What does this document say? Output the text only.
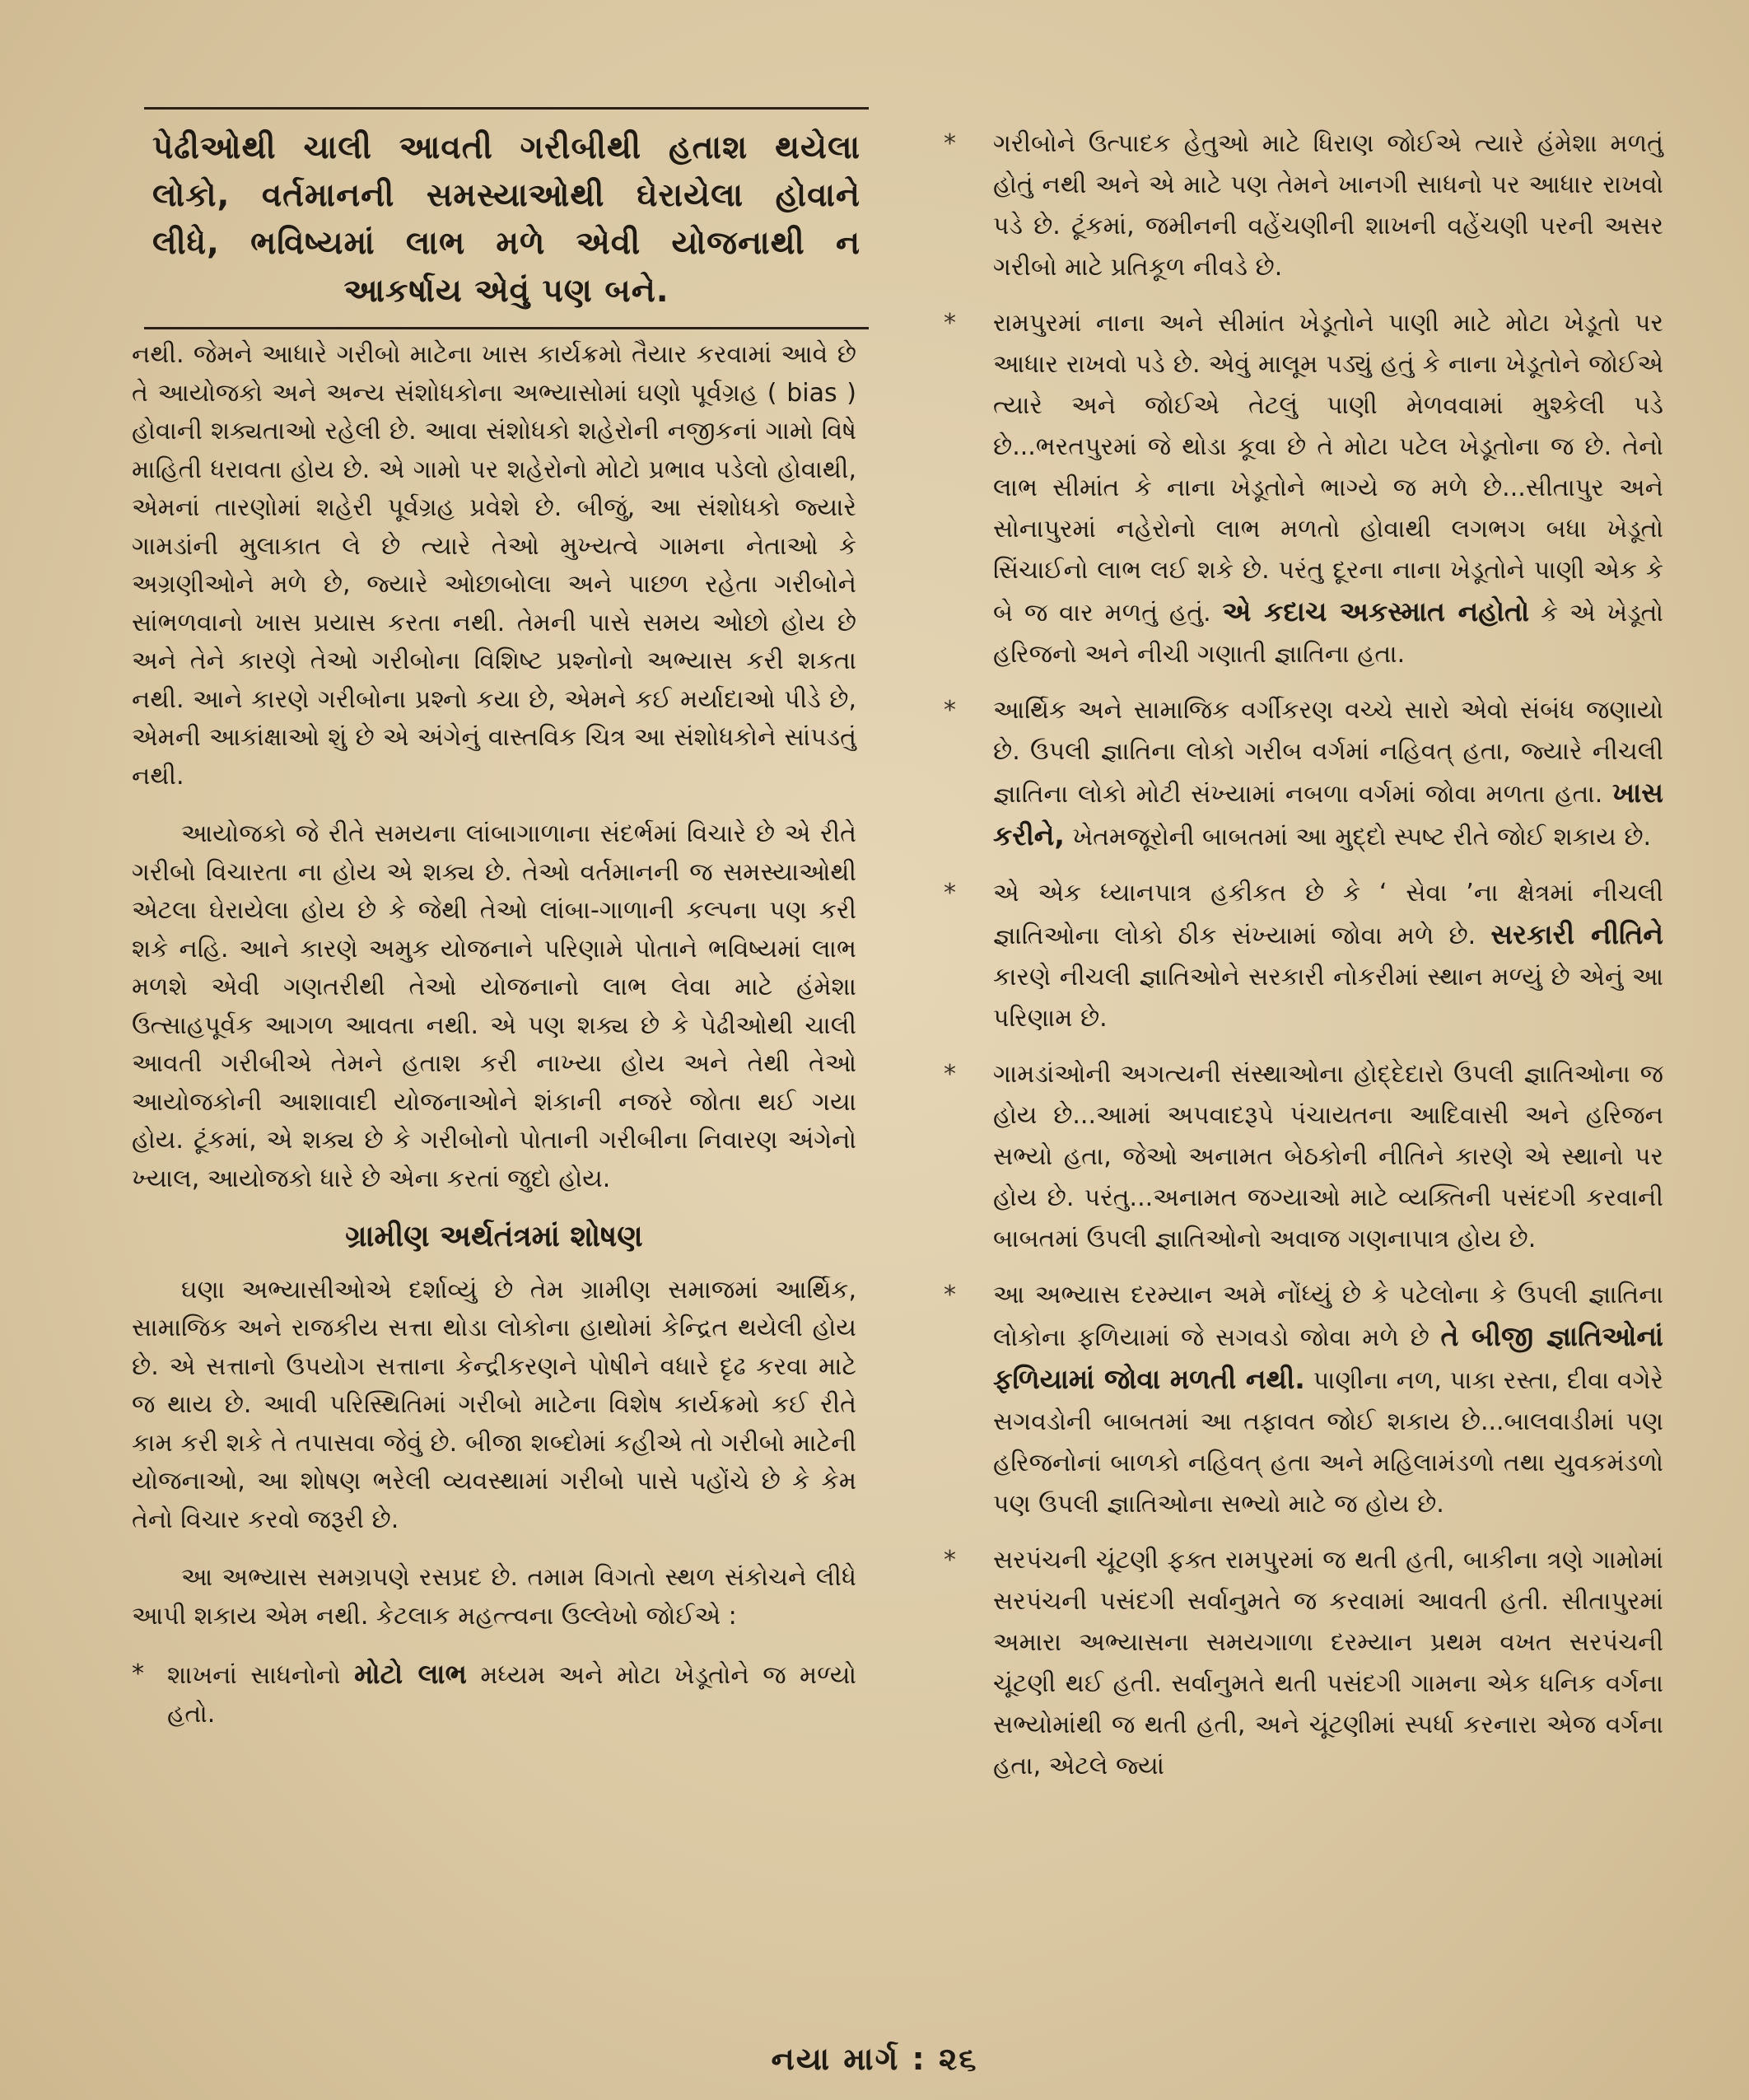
પેઢીઓથી ચાલી આવતી ગરીબીથી હતાશ થયેલા લોકો, વર્તમાનની સમસ્યાઓથી ઘેરાયેલા હોવાને લીધે, ભવિષ્યમાં લાભ મળે એવી યોજનાથી ન આકર્ષાય એવું પણ બને.

નથી. જેમને આધારે ગરીબો માટેના ખાસ કાર્યક્રમો તૈયાર કરવામાં આવે છે તે આયોજકો અને અન્ય સંશોધકોના અભ્યાસોમાં ઘણો પૂર્વગ્રહ ( bias ) હોવાની શક્યતાઓ રહેલી છે. આવા સંશોધકો શહેરોની નજીકનાં ગામો વિષે માહિતી ધરાવતા હોય છે. એ ગામો પર શહેરોનો મોટો પ્રભાવ પડેલો હોવાથી, એમનાં તારણોમાં શહેરી પૂર્વગ્રહ પ્રવેશે છે. બીજું, આ સંશોધકો જ્યારે ગામડાંની મુલાકાત લે છે ત્યારે તેઓ મુખ્યત્વે ગામના નેતાઓ કે અગ્રણીઓને મળે છે, જ્યારે ઓછાબોલા અને પાછળ રહેતા ગરીબોને સાંભળવાનો ખાસ પ્રયાસ કરતા નથી. તેમની પાસે સમય ઓછો હોય છે અને તેને કારણે તેઓ ગરીબોના વિશિષ્ટ પ્રશ્નોનો અભ્યાસ કરી શકતા નથી. આને કારણે ગરીબોના પ્રશ્નો કયા છે, એમને કઈ મર્યાદાઓ પીડે છે, એમની આકાંક્ષાઓ શું છે એ અંગેનું વાસ્તવિક ચિત્ર આ સંશોધકોને સાંપડતું નથી.

આયોજકો જે રીતે સમયના લાંબાગાળાના સંદર્ભમાં વિચારે છે એ રીતે ગરીબો વિચારતા ના હોય એ શક્ય છે. તેઓ વર્તમાનની જ સમસ્યાઓથી એટલા ઘેરાયેલા હોય છે કે જેથી તેઓ લાંબા-ગાળાની કલ્પના પણ કરી શકે નહિ. આને કારણે અમુક યોજનાને પરિણામે પોતાને ભવિષ્યમાં લાભ મળશે એવી ગણતરીથી તેઓ યોજનાનો લાભ લેવા માટે હંમેશા ઉત્સાહપૂર્વક આગળ આવતા નથી. એ પણ શક્ય છે કે પેઢીઓથી ચાલી આવતી ગરીબીએ તેમને હતાશ કરી નાખ્યા હોય અને તેથી તેઓ આયોજકોની આશાવાદી યોજનાઓને શંકાની નજરે જોતા થઈ ગયા હોય. ટૂંકમાં, એ શક્ય છે કે ગરીબોનો પોતાની ગરીબીના નિવારણ અંગેનો ખ્યાલ, આયોજકો ધારે છે એના કરતાં જુદો હોય.

ગ્રામીણ અર્થતંત્રમાં શોષણ

ઘણા અભ્યાસીઓએ દર્શાવ્યું છે તેમ ગ્રામીણ સમાજમાં આર્થિક, સામાજિક અને રાજકીય સત્તા થોડા લોકોના હાથોમાં કેન્દ્રિત થયેલી હોય છે. એ સત્તાનો ઉપયોગ સત્તાના કેન્દ્રીકરણને પોષીને વધારે દૃઢ કરવા માટે જ થાય છે. આવી પરિસ્થિતિમાં ગરીબો માટેના વિશેષ કાર્યક્રમો કઈ રીતે કામ કરી શકે તે તપાસવા જેવું છે. બીજા શબ્દોમાં કહીએ તો ગરીબો માટેની યોજનાઓ, આ શોષણ ભરેલી વ્યવસ્થામાં ગરીબો પાસે પહોંચે છે કે કેમ તેનો વિચાર કરવો જરૂરી છે.

આ અભ્યાસ સમગ્રપણે રસપ્રદ છે. તમામ વિગતો સ્થળ સંકોચને લીધે આપી શકાય એમ નથી. કેટલાક મહત્ત્વના ઉલ્લેખો જોઈએ :

* શાખનાં સાધનોનો મોટો લાભ મધ્યમ અને મોટા ખેડૂતોને જ મળ્યો હતો.
*	ગરીબોને ઉત્પાદક હેતુઓ માટે ધિરાણ જોઈએ ત્યારે હંમેશા મળતું હોતું નથી અને એ માટે પણ તેમને ખાનગી સાધનો પર આધાર રાખવો પડે છે. ટૂંકમાં, જમીનની વહેંચણીની શાખની વહેંચણી પરની અસર ગરીબો માટે પ્રતિકૂળ નીવડે છે.
*	રામપુરમાં નાના અને સીમાંત ખેડૂતોને પાણી માટે મોટા ખેડૂતો પર આધાર રાખવો પડે છે. એવું માલૂમ પડ્યું હતું કે નાના ખેડૂતોને જોઈએ ત્યારે અને જોઈએ તેટલું પાણી મેળવવામાં મુશ્કેલી પડે છે...ભરતપુરમાં જે થોડા કૂવા છે તે મોટા પટેલ ખેડૂતોના જ છે. તેનો લાભ સીમાંત કે નાના ખેડૂતોને ભાગ્યે જ મળે છે...સીતાપુર અને સોનાપુરમાં નહેરોનો લાભ મળતો હોવાથી લગભગ બધા ખેડૂતો સિંચાઈનો લાભ લઈ શકે છે. પરંતુ દૂરના નાના ખેડૂતોને પાણી એક કે બે જ વાર મળતું હતું. એ કદાચ અકસ્માત નહોતો કે એ ખેડૂતો હરિજનો અને નીચી ગણાતી જ્ઞાતિના હતા.
*	આર્થિક અને સામાજિક વર્ગીકરણ વચ્ચે સારો એવો સંબંધ જણાયો છે. ઉપલી જ્ઞાતિના લોકો ગરીબ વર્ગમાં નહિવત્ હતા, જ્યારે નીચલી જ્ઞાતિના લોકો મોટી સંખ્યામાં નબળા વર્ગમાં જોવા મળતા હતા. ખાસ કરીને, ખેતમજૂરોની બાબતમાં આ મુદ્દો સ્પષ્ટ રીતે જોઈ શકાય છે.
*	એ એક ધ્યાનપાત્ર હકીકત છે કે ‘ સેવા ’ના ક્ષેત્રમાં નીચલી જ્ઞાતિઓના લોકો ઠીક સંખ્યામાં જોવા મળે છે. સરકારી નીતિને કારણે નીચલી જ્ઞાતિઓને સરકારી નોકરીમાં સ્થાન મળ્યું છે એનું આ પરિણામ છે.
*	ગામડાંઓની અગત્યની સંસ્થાઓના હોદ્દેદારો ઉપલી જ્ઞાતિઓના જ હોય છે...આમાં અપવાદરૂપે પંચાયતના આદિવાસી અને હરિજન સભ્યો હતા, જેઓ અનામત બેઠકોની નીતિને કારણે એ સ્થાનો પર હોય છે. પરંતુ...અનામત જગ્યાઓ માટે વ્યક્તિની પસંદગી કરવાની બાબતમાં ઉપલી જ્ઞાતિઓનો અવાજ ગણનાપાત્ર હોય છે.
*	આ અભ્યાસ દરમ્યાન અમે નોંધ્યું છે કે પટેલોના કે ઉપલી જ્ઞાતિના લોકોના ફળિયામાં જે સગવડો જોવા મળે છે તે બીજી જ્ઞાતિઓનાં ફળિયામાં જોવા મળતી નથી. પાણીના નળ, પાકા રસ્તા, દીવા વગેરે સગવડોની બાબતમાં આ તફાવત જોઈ શકાય છે...બાલવાડીમાં પણ હરિજનોનાં બાળકો નહિવત્ હતા અને મહિલામંડળો તથા યુવકમંડળો પણ ઉપલી જ્ઞાતિઓના સભ્યો માટે જ હોય છે.
*	સરપંચની ચૂંટણી ફક્ત રામપુરમાં જ થતી હતી, બાકીના ત્રણે ગામોમાં સરપંચની પસંદગી સર્વાનુમતે જ કરવામાં આવતી હતી. સીતાપુરમાં અમારા અભ્યાસના સમયગાળા દરમ્યાન પ્રથમ વખત સરપંચની ચૂંટણી થઈ હતી. સર્વાનુમતે થતી પસંદગી ગામના એક ધનિક વર્ગના સભ્યોમાંથી જ થતી હતી, અને ચૂંટણીમાં સ્પર્ધા કરનારા એજ વર્ગના હતા, એટલે જ્યાં
નયા માર્ગ : ૨૬
